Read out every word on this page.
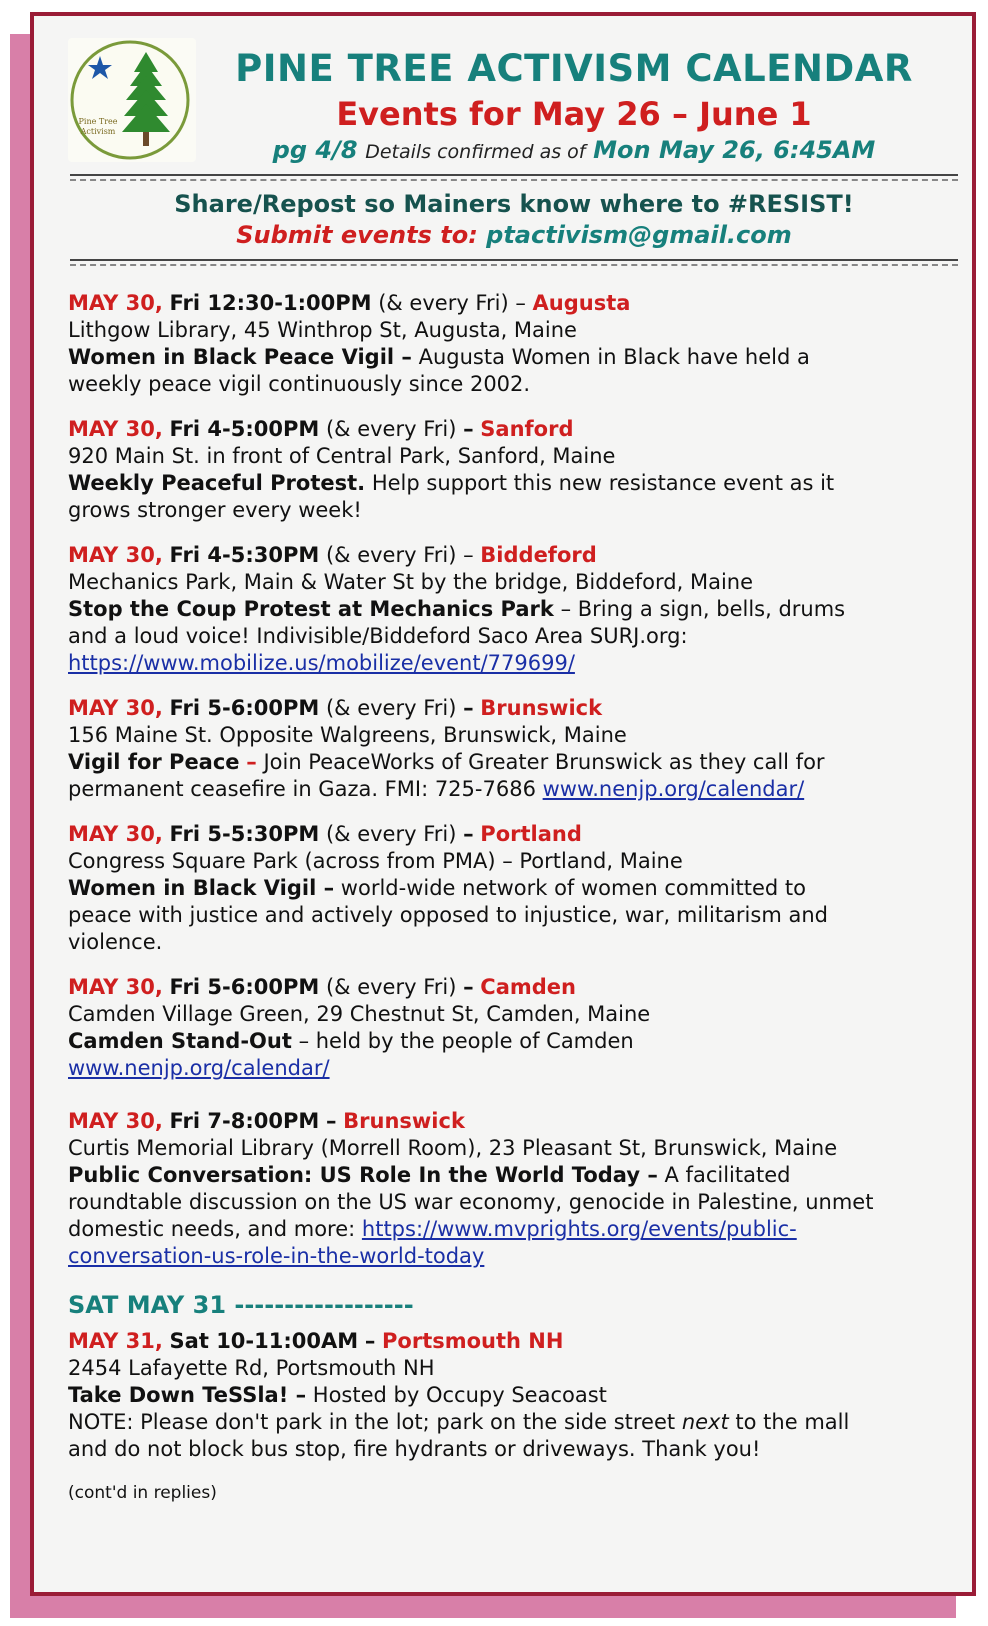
Pine Tree
Activism
PINE TREE ACTIVISM CALENDAR
Events for May 26 – June 1
pg 4/8 Details confirmed as of Mon May 26, 6:45AM
Share/Repost so Mainers know where to #RESIST!
Submit events to: ptactivism@gmail.com
MAY 30, Fri 12:30-1:00PM (& every Fri) – Augusta
Lithgow Library, 45 Winthrop St, Augusta, Maine
Women in Black Peace Vigil – Augusta Women in Black have held a
weekly peace vigil continuously since 2002.
MAY 30, Fri 4-5:00PM (& every Fri) – Sanford
920 Main St. in front of Central Park, Sanford, Maine
Weekly Peaceful Protest. Help support this new resistance event as it
grows stronger every week!
MAY 30, Fri 4-5:30PM (& every Fri) – Biddeford
Mechanics Park, Main & Water St by the bridge, Biddeford, Maine
Stop the Coup Protest at Mechanics Park – Bring a sign, bells, drums
and a loud voice! Indivisible/Biddeford Saco Area SURJ.org:
https://www.mobilize.us/mobilize/event/779699/
MAY 30, Fri 5-6:00PM (& every Fri) – Brunswick
156 Maine St. Opposite Walgreens, Brunswick, Maine
Vigil for Peace – Join PeaceWorks of Greater Brunswick as they call for
permanent ceasefire in Gaza. FMI: 725-7686 www.nenjp.org/calendar/
MAY 30, Fri 5-5:30PM (& every Fri) – Portland
Congress Square Park (across from PMA) – Portland, Maine
Women in Black Vigil – world-wide network of women committed to
peace with justice and actively opposed to injustice, war, militarism and
violence.
MAY 30, Fri 5-6:00PM (& every Fri) – Camden
Camden Village Green, 29 Chestnut St, Camden, Maine
Camden Stand-Out – held by the people of Camden
www.nenjp.org/calendar/
MAY 30, Fri 7-8:00PM – Brunswick
Curtis Memorial Library (Morrell Room), 23 Pleasant St, Brunswick, Maine
Public Conversation: US Role In the World Today – A facilitated
roundtable discussion on the US war economy, genocide in Palestine, unmet
domestic needs, and more: https://www.mvprights.org/events/public-
conversation-us-role-in-the-world-today
SAT MAY 31 ------------------
MAY 31, Sat 10-11:00AM – Portsmouth NH
2454 Lafayette Rd, Portsmouth NH
Take Down TeSSla! – Hosted by Occupy Seacoast
NOTE: Please don't park in the lot; park on the side street next to the mall
and do not block bus stop, fire hydrants or driveways. Thank you!
(cont'd in replies)
